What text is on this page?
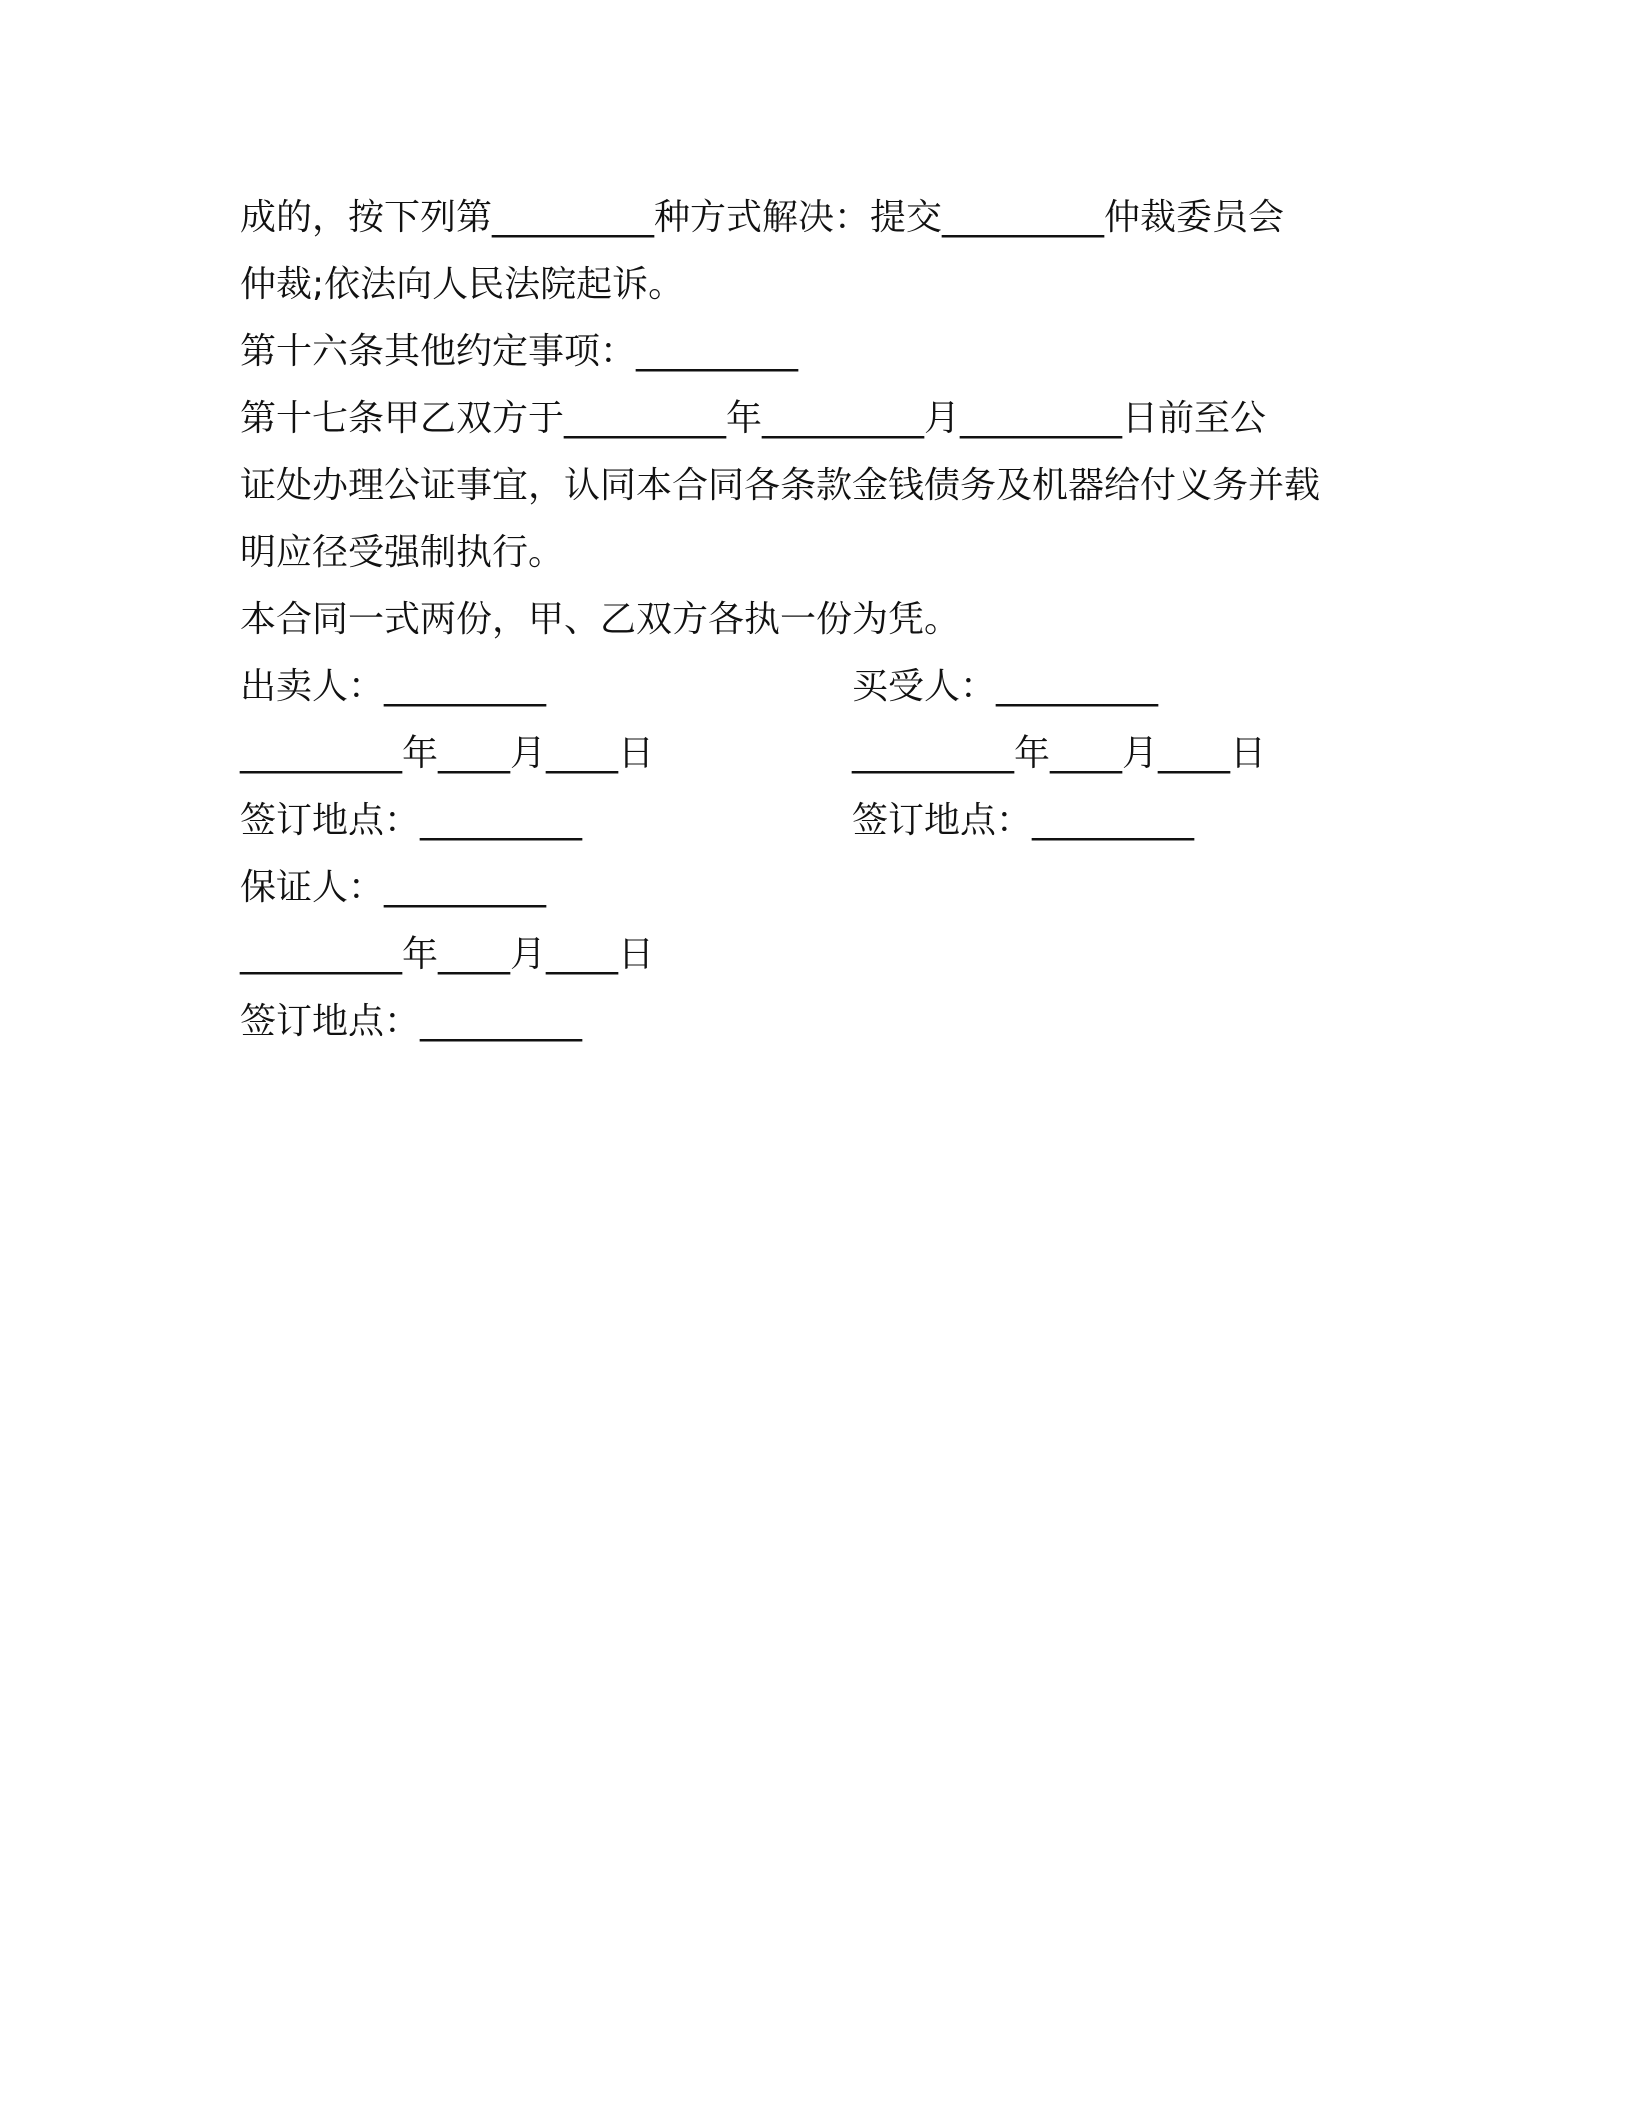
成的，按下列第_________种方式解决：提交_________仲裁委员会
仲裁;依法向人民法院起诉。
第十六条其他约定事项：_________
第十七条甲乙双方于_________年_________月_________日前至公
证处办理公证事宜，认同本合同各条款金钱债务及机器给付义务并载
明应径受强制执行。
本合同一式两份，甲、乙双方各执一份为凭。
出卖人：_________	买受人：_________
_________年____月____日	_________年____月____日
签订地点：_________	签订地点：_________
保证人：_________
_________年____月____日
签订地点：_________
